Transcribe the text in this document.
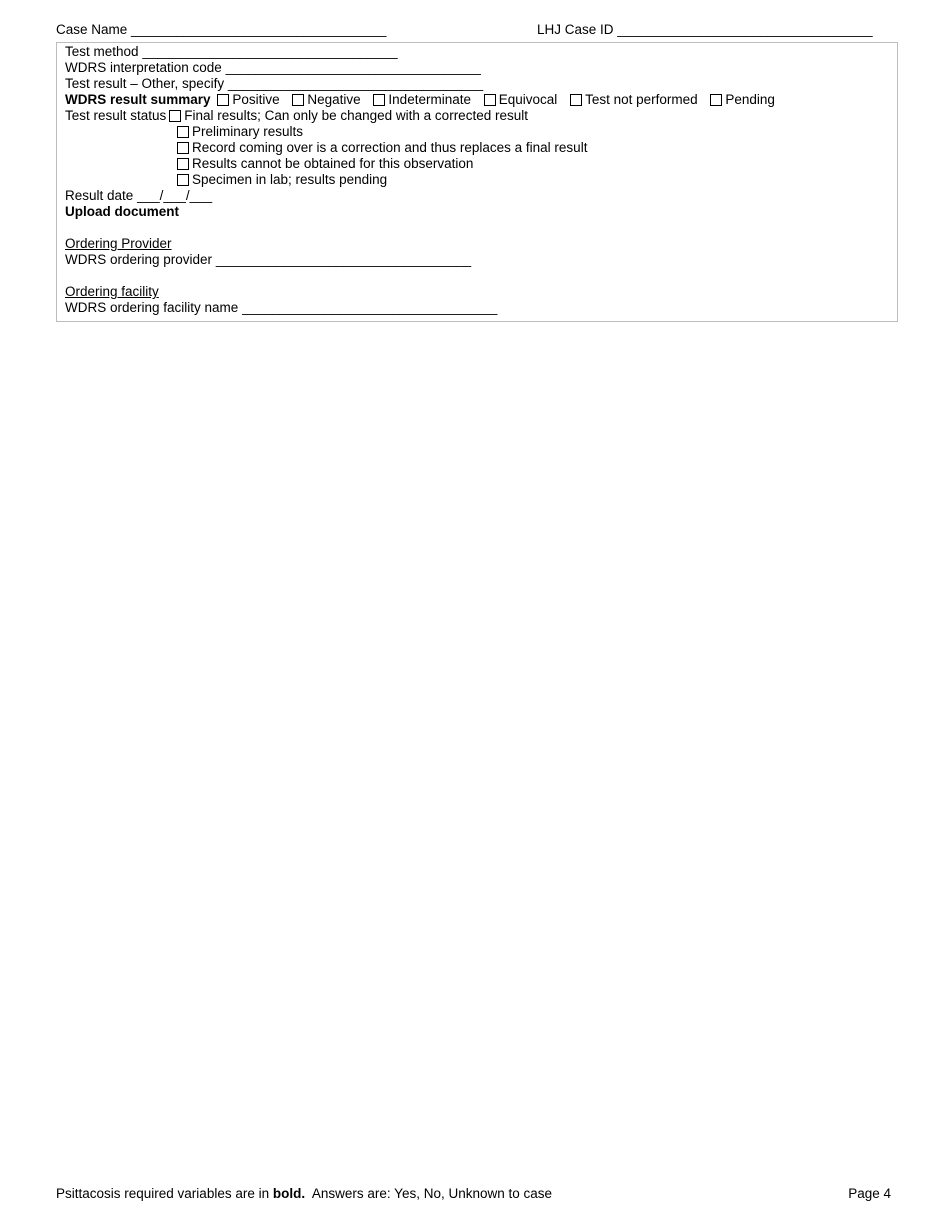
Case Name __________________________________	LHJ Case ID __________________________________
Test method __________________________________
WDRS interpretation code __________________________________
Test result – Other, specify __________________________________
WDRS result summary Positive Negative Indeterminate Equivocal Test not performed Pending
Test result status Final results; Can only be changed with a corrected result
Preliminary results
Record coming over is a correction and thus replaces a final result
Results cannot be obtained for this observation
Specimen in lab; results pending
Result date ___/___/___
Upload document
Ordering Provider
WDRS ordering provider __________________________________
Ordering facility
WDRS ordering facility name __________________________________
Psittacosis required variables are in bold. Answers are: Yes, No, Unknown to case	Page 4
